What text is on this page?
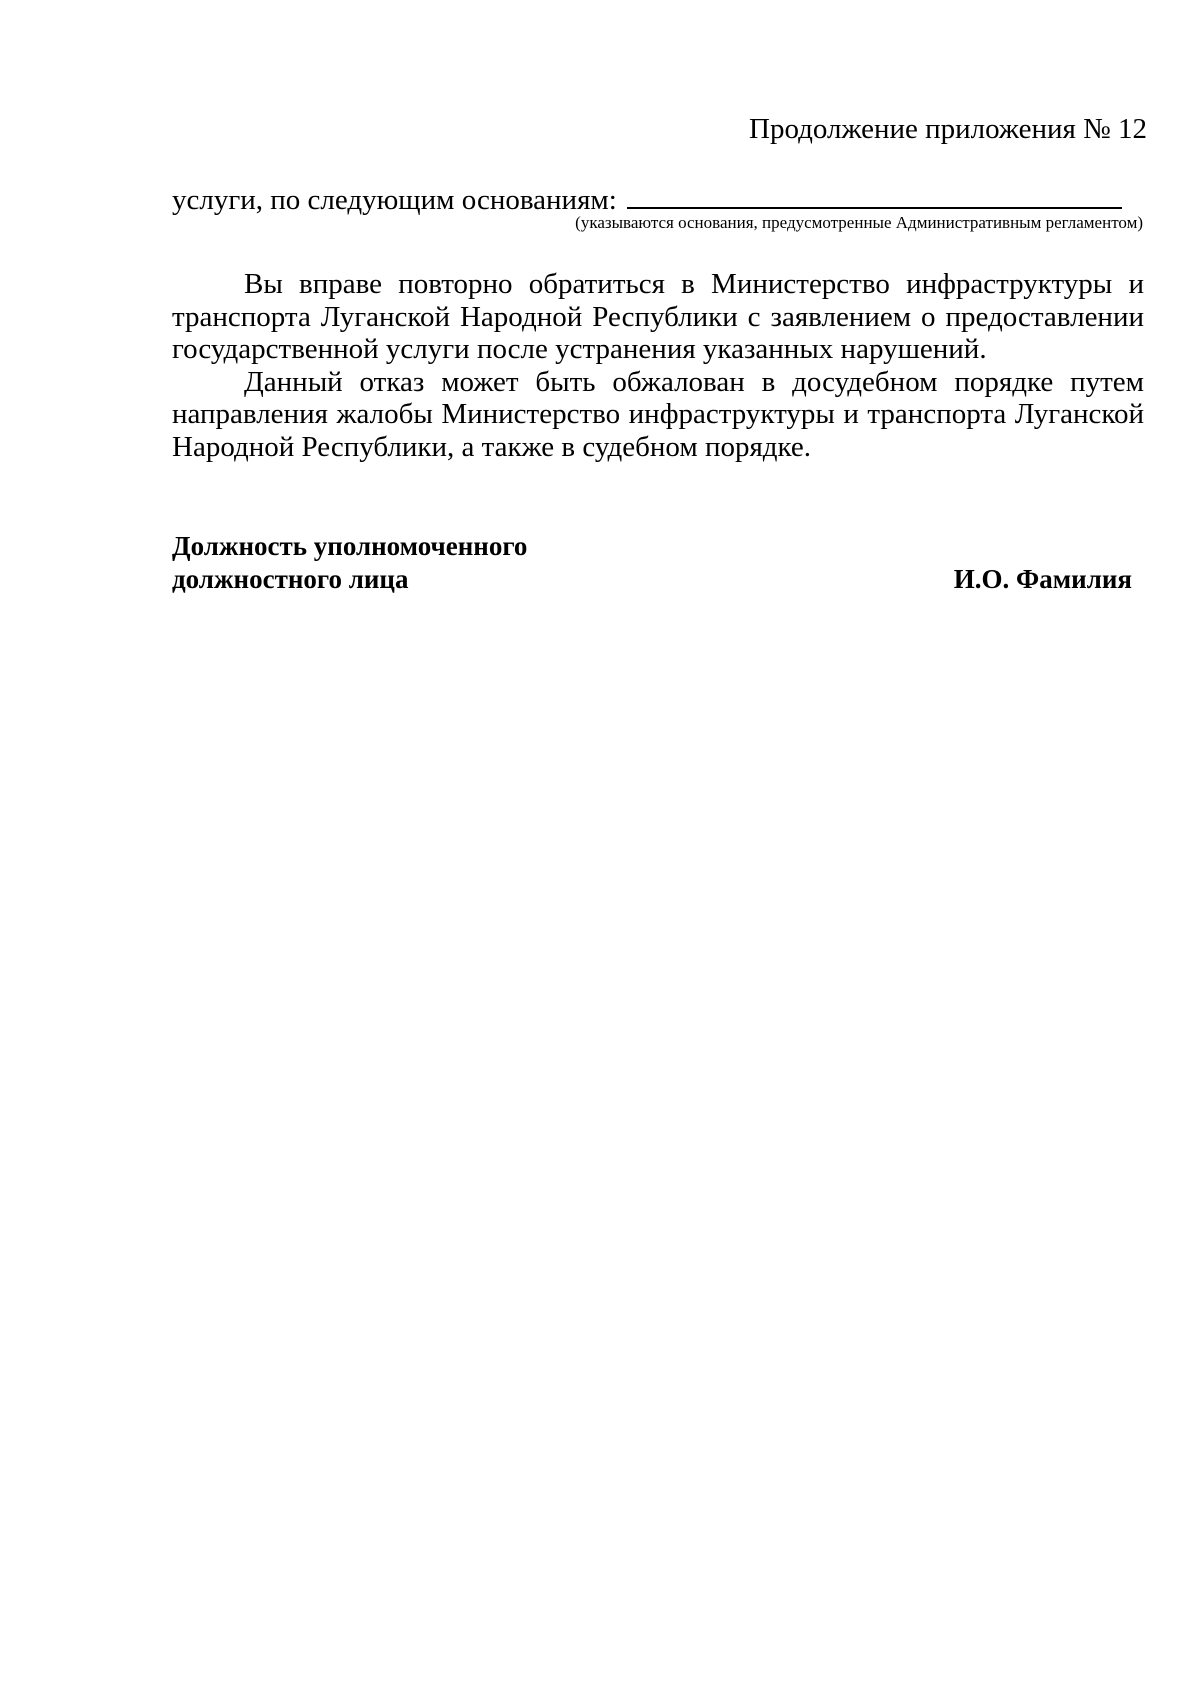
Продолжение приложения № 12
услуги, по следующим основаниям:
(указываются основания, предусмотренные Административным регламентом)

Вы вправе повторно обратиться в Министерство инфраструктуры и транспорта Луганской Народной Республики с заявлением о предоставлении государственной услуги после устранения указанных нарушений.

Данный отказ может быть обжалован в досудебном порядке путем направления жалобы Министерство инфраструктуры и транспорта Луганской Народной Республики, а также в судебном порядке.

Должность уполномоченного
должностного лица	И.О. Фамилия
